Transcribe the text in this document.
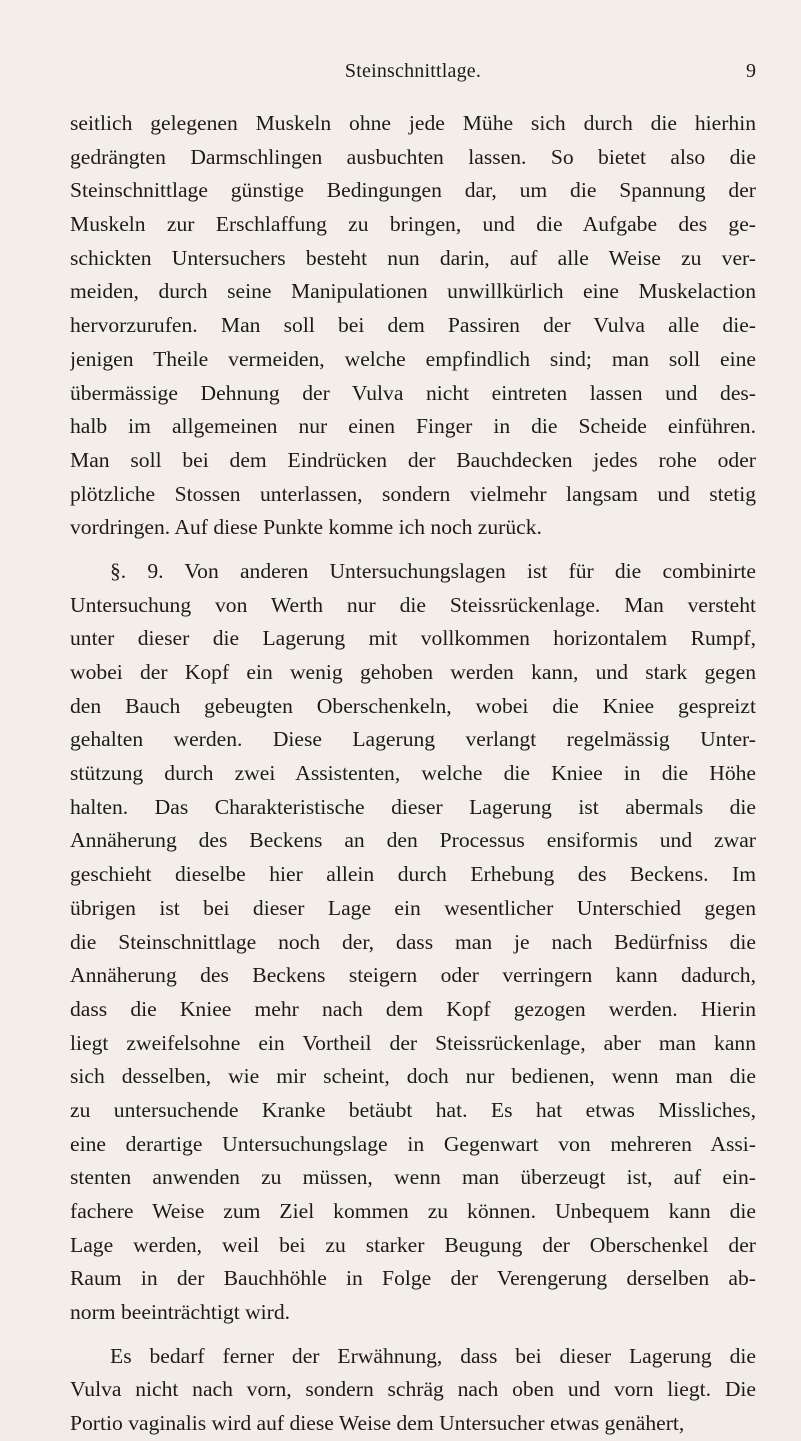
Steinschnittlage.	9
seitlich gelegenen Muskeln ohne jede Mühe sich durch die hierhin
gedrängten Darmschlingen ausbuchten lassen. So bietet also die
Steinschnittlage günstige Bedingungen dar, um die Spannung der
Muskeln zur Erschlaffung zu bringen, und die Aufgabe des ge-
schickten Untersuchers besteht nun darin, auf alle Weise zu ver-
meiden, durch seine Manipulationen unwillkürlich eine Muskelaction
hervorzurufen. Man soll bei dem Passiren der Vulva alle die-
jenigen Theile vermeiden, welche empfindlich sind; man soll eine
übermässige Dehnung der Vulva nicht eintreten lassen und des-
halb im allgemeinen nur einen Finger in die Scheide einführen.
Man soll bei dem Eindrücken der Bauchdecken jedes rohe oder
plötzliche Stossen unterlassen, sondern vielmehr langsam und stetig
vordringen. Auf diese Punkte komme ich noch zurück.
§. 9. Von anderen Untersuchungslagen ist für die combinirte
Untersuchung von Werth nur die Steissrückenlage. Man versteht
unter dieser die Lagerung mit vollkommen horizontalem Rumpf,
wobei der Kopf ein wenig gehoben werden kann, und stark gegen
den Bauch gebeugten Oberschenkeln, wobei die Kniee gespreizt
gehalten werden. Diese Lagerung verlangt regelmässig Unter-
stützung durch zwei Assistenten, welche die Kniee in die Höhe
halten. Das Charakteristische dieser Lagerung ist abermals die
Annäherung des Beckens an den Processus ensiformis und zwar
geschieht dieselbe hier allein durch Erhebung des Beckens. Im
übrigen ist bei dieser Lage ein wesentlicher Unterschied gegen
die Steinschnittlage noch der, dass man je nach Bedürfniss die
Annäherung des Beckens steigern oder verringern kann dadurch,
dass die Kniee mehr nach dem Kopf gezogen werden. Hierin
liegt zweifelsohne ein Vortheil der Steissrückenlage, aber man kann
sich desselben, wie mir scheint, doch nur bedienen, wenn man die
zu untersuchende Kranke betäubt hat. Es hat etwas Missliches,
eine derartige Untersuchungslage in Gegenwart von mehreren Assi-
stenten anwenden zu müssen, wenn man überzeugt ist, auf ein-
fachere Weise zum Ziel kommen zu können. Unbequem kann die
Lage werden, weil bei zu starker Beugung der Oberschenkel der
Raum in der Bauchhöhle in Folge der Verengerung derselben ab-
norm beeinträchtigt wird.
Es bedarf ferner der Erwähnung, dass bei dieser Lagerung die
Vulva nicht nach vorn, sondern schräg nach oben und vorn liegt. Die
Portio vaginalis wird auf diese Weise dem Untersucher etwas genähert,
